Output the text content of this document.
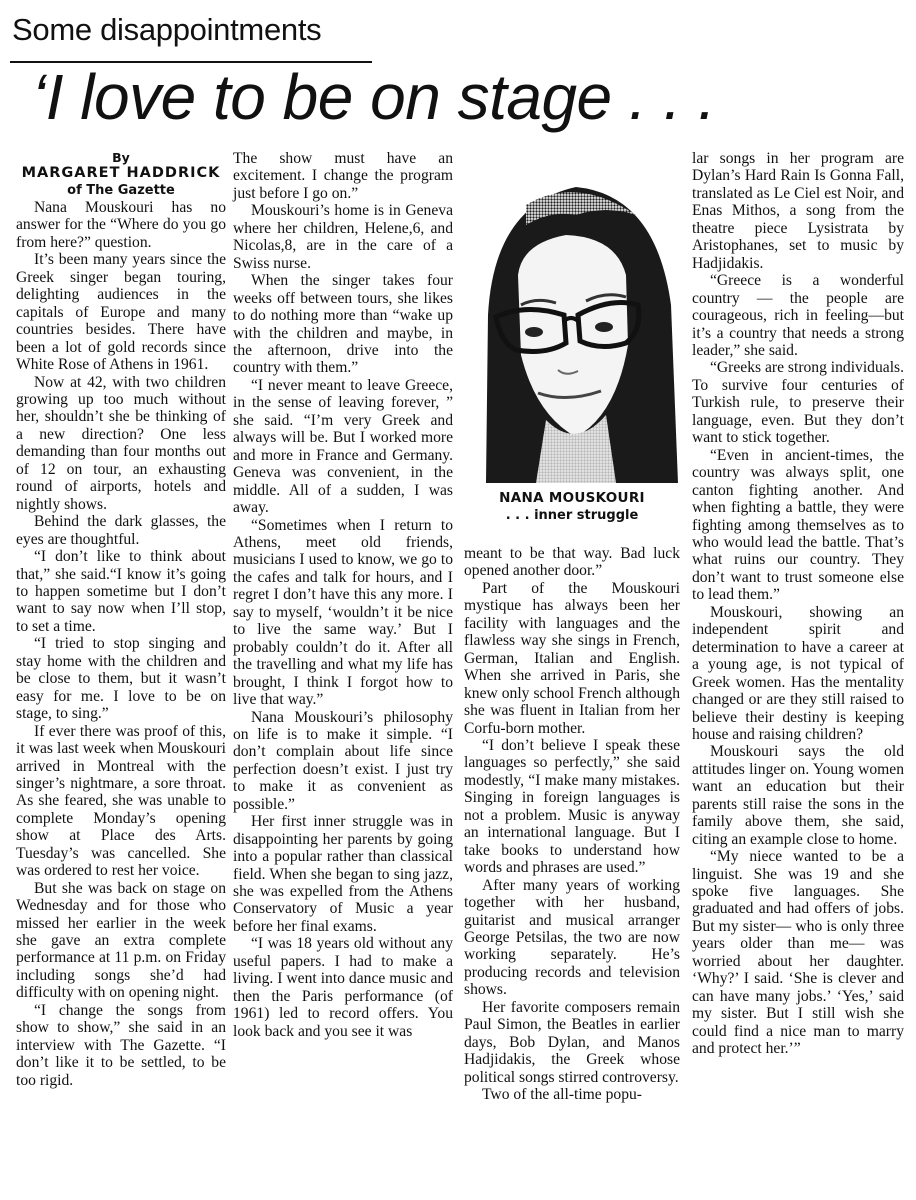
Some disappointments
‘I love to be on stage . . .
By
MARGARET HADDRICK
of The Gazette

Nana Mouskouri has no answer for the “Where do you go from here?” question.

It’s been many years since the Greek singer began touring, delighting audiences in the capitals of Europe and many countries besides. There have been a lot of gold records since White Rose of Athens in 1961.

Now at 42, with two children growing up too much without her, shouldn’t she be thinking of a new direction? One less demanding than four months out of 12 on tour, an exhausting round of airports, hotels and nightly shows.

Behind the dark glasses, the eyes are thoughtful.

“I don’t like to think about that,” she said.“I know it’s going to happen sometime but I don’t want to say now when I’ll stop, to set a time.

“I tried to stop singing and stay home with the children and be close to them, but it wasn’t easy for me. I love to be on stage, to sing.”

If ever there was proof of this, it was last week when Mouskouri arrived in Montreal with the singer’s nightmare, a sore throat. As she feared, she was unable to complete Monday’s opening show at Place des Arts. Tuesday’s was cancelled. She was ordered to rest her voice.

But she was back on stage on Wednesday and for those who missed her earlier in the week she gave an extra complete performance at 11 p.m. on Friday including songs she’d had difficulty with on opening night.

“I change the songs from show to show,” she said in an interview with The Gazette. “I don’t like it to be settled, to be too rigid.

The show must have an excitement. I change the program just before I go on.”

Mouskouri’s home is in Geneva where her children, Helene,6, and Nicolas,8, are in the care of a Swiss nurse.

When the singer takes four weeks off between tours, she likes to do nothing more than “wake up with the children and maybe, in the afternoon, drive into the country with them.”

“I never meant to leave Greece, in the sense of leaving forever, ” she said. “I’m very Greek and always will be. But I worked more and more in France and Germany. Geneva was convenient, in the middle. All of a sudden, I was away.

“Sometimes when I return to Athens, meet old friends, musicians I used to know, we go to the cafes and talk for hours, and I regret I don’t have this any more. I say to myself, ‘wouldn’t it be nice to live the same way.’ But I probably couldn’t do it. After all the travelling and what my life has brought, I think I forgot how to live that way.”

Nana Mouskouri’s philosophy on life is to make it simple. “I don’t complain about life since perfection doesn’t exist. I just try to make it as convenient as possible.”

Her first inner struggle was in disappointing her parents by going into a popular rather than classical field. When she began to sing jazz, she was expelled from the Athens Conservatory of Music a year before her final exams.

“I was 18 years old without any useful papers. I had to make a living. I went into dance music and then the Paris performance (of 1961) led to record offers. You look back and you see it was

NANA MOUSKOURI
. . . inner struggle

meant to be that way. Bad luck opened another door.”

Part of the Mouskouri mystique has always been her facility with languages and the flawless way she sings in French, German, Italian and English. When she arrived in Paris, she knew only school French although she was fluent in Italian from her Corfu-born mother.

“I don’t believe I speak these languages so perfectly,” she said modestly, “I make many mistakes. Singing in foreign languages is not a problem. Music is anyway an international language. But I take books to understand how words and phrases are used.”

After many years of working together with her husband, guitarist and musical arranger George Petsilas, the two are now working separately. He’s producing records and television shows.

Her favorite composers remain Paul Simon, the Beatles in earlier days, Bob Dylan, and Manos Hadjidakis, the Greek whose political songs stirred controversy.

Two of the all-time popu-

lar songs in her program are Dylan’s Hard Rain Is Gonna Fall, translated as Le Ciel est Noir, and Enas Mithos, a song from the theatre piece Lysistrata by Aristophanes, set to music by Hadjidakis.

“Greece is a wonderful country — the people are courageous, rich in feeling—but it’s a country that needs a strong leader,” she said.

“Greeks are strong individuals. To survive four centuries of Turkish rule, to preserve their language, even. But they don’t want to stick together.

“Even in ancient-times, the country was always split, one canton fighting another. And when fighting a battle, they were fighting among themselves as to who would lead the battle. That’s what ruins our country. They don’t want to trust someone else to lead them.”

Mouskouri, showing an independent spirit and determination to have a career at a young age, is not typical of Greek women. Has the mentality changed or are they still raised to believe their destiny is keeping house and raising children?

Mouskouri says the old attitudes linger on. Young women want an education but their parents still raise the sons in the family above them, she said, citing an example close to home.

“My niece wanted to be a linguist. She was 19 and she spoke five languages. She graduated and had offers of jobs. But my sister— who is only three years older than me— was worried about her daughter. ‘Why?’ I said. ‘She is clever and can have many jobs.’ ‘Yes,’ said my sister. But I still wish she could find a nice man to marry and protect her.’”
